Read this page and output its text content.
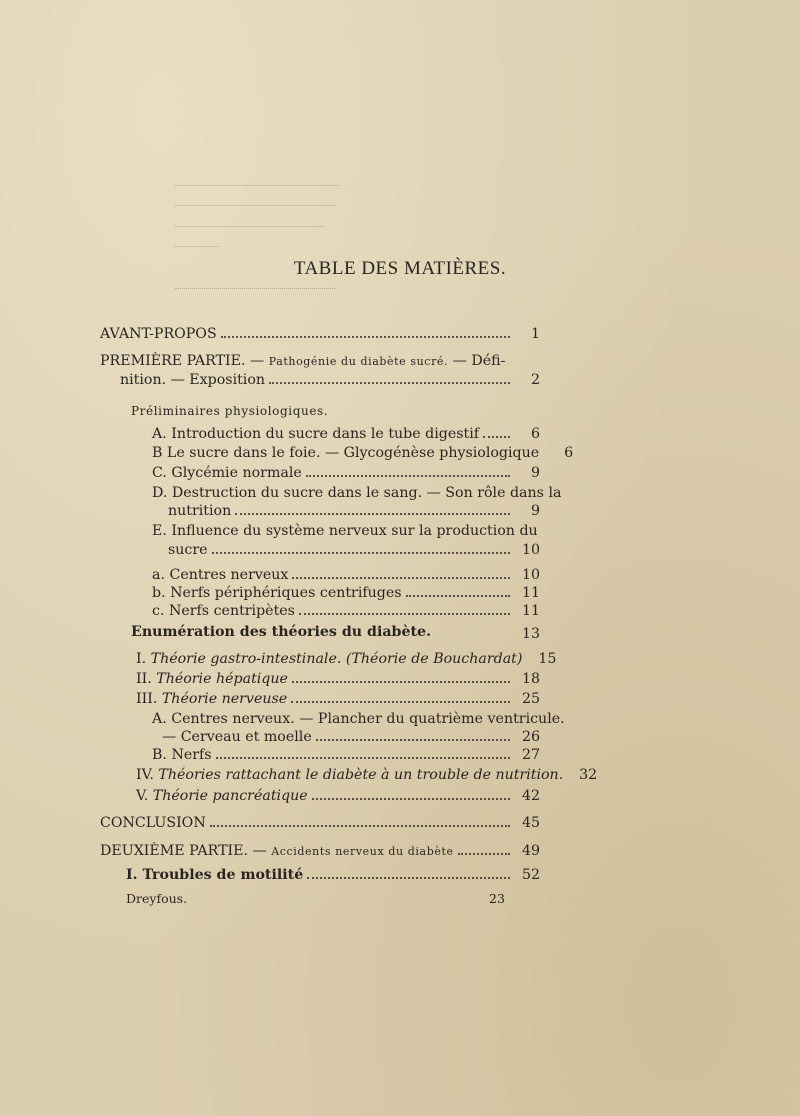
TABLE DES MATIÈRES.
AVANT-PROPOS	1
PREMIÈRE PARTIE. — Pathogénie du diabète sucré. — Défi-
nition. — Exposition	2
Préliminaires physiologiques.
A. Introduction du sucre dans le tube digestif	6
B Le sucre dans le foie. — Glycogénèse physiologique	6
C. Glycémie normale	9
D. Destruction du sucre dans le sang. — Son rôle dans la
nutrition	9
E. Influence du système nerveux sur la production du
sucre	10
a. Centres nerveux	10
b. Nerfs périphériques centrifuges	11
c. Nerfs centripètes	11
Enumération des théories du diabète.	13
I. Théorie gastro-intestinale. (Théorie de Bouchardat)	15
II. Théorie hépatique	18
III. Théorie nerveuse	25
A. Centres nerveux. — Plancher du quatrième ventricule.
— Cerveau et moelle	26
B. Nerfs	27
IV. Théories rattachant le diabète à un trouble de nutrition.	32
V. Théorie pancréatique	42
CONCLUSION	45
DEUXIÈME PARTIE. — Accidents nerveux du diabète	49
I. Troubles de motilité	52
Dreyfous.	23
